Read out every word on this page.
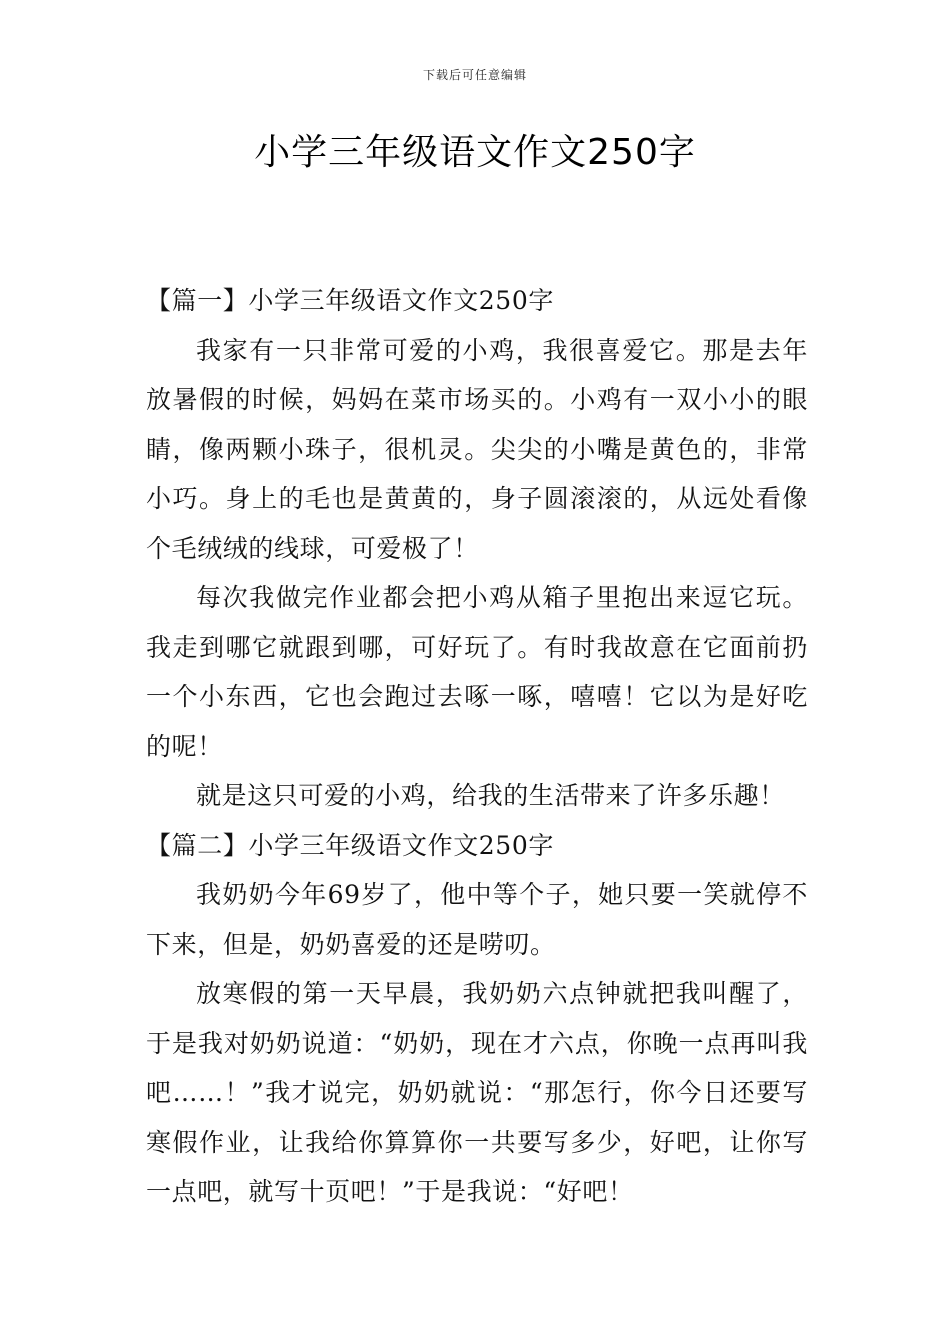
下载后可任意编辑
小学三年级语文作文250字

【篇一】小学三年级语文作文250字

我家有一只非常可爱的小鸡，我很喜爱它。那是去年放暑假的时候，妈妈在菜市场买的。小鸡有一双小小的眼睛，像两颗小珠子，很机灵。尖尖的小嘴是黄色的，非常小巧。身上的毛也是黄黄的，身子圆滚滚的，从远处看像个毛绒绒的线球，可爱极了！

每次我做完作业都会把小鸡从箱子里抱出来逗它玩。我走到哪它就跟到哪，可好玩了。有时我故意在它面前扔一个小东西，它也会跑过去啄一啄，嘻嘻！它以为是好吃的呢！

就是这只可爱的小鸡，给我的生活带来了许多乐趣！

【篇二】小学三年级语文作文250字

我奶奶今年69岁了，他中等个子，她只要一笑就停不下来，但是，奶奶喜爱的还是唠叨。

放寒假的第一天早晨，我奶奶六点钟就把我叫醒了，于是我对奶奶说道：“奶奶，现在才六点，你晚一点再叫我吧……！”我才说完，奶奶就说：“那怎行，你今日还要写寒假作业，让我给你算算你一共要写多少，好吧，让你写一点吧，就写十页吧！”于是我说：“好吧！
